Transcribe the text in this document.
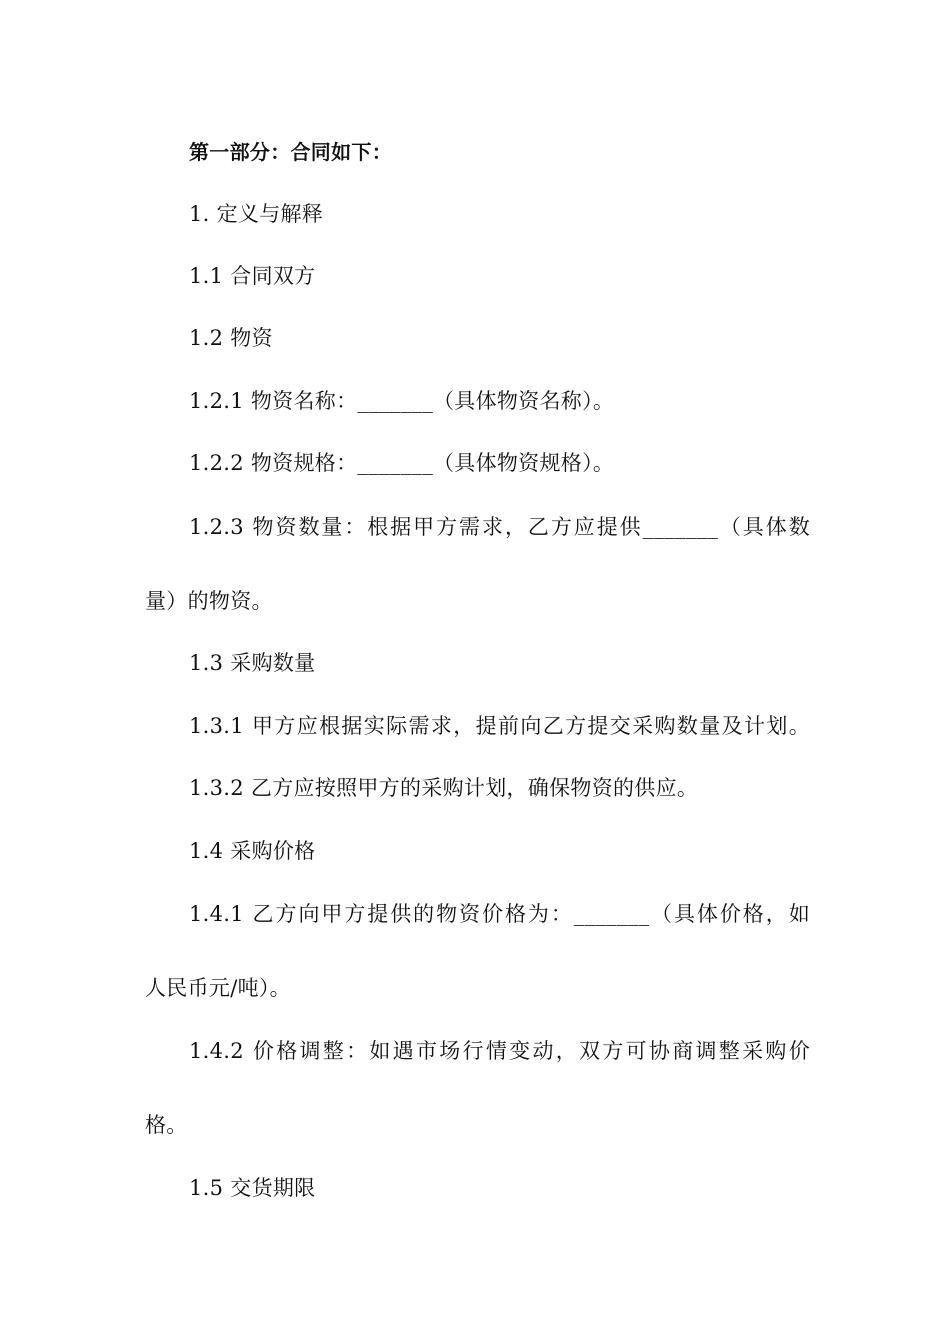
第一部分：合同如下：
1. 定义与解释
1.1 合同双方
1.2 物资
1.2.1 物资名称：_______（具体物资名称）。
1.2.2 物资规格：_______（具体物资规格）。
1.2.3 物资数量：根据甲方需求，乙方应提供_______（具体数
量）的物资。
1.3 采购数量
1.3.1 甲方应根据实际需求，提前向乙方提交采购数量及计划。
1.3.2 乙方应按照甲方的采购计划，确保物资的供应。
1.4 采购价格
1.4.1 乙方向甲方提供的物资价格为：_______（具体价格，如
人民币元/吨）。
1.4.2 价格调整：如遇市场行情变动，双方可协商调整采购价
格。
1.5 交货期限
